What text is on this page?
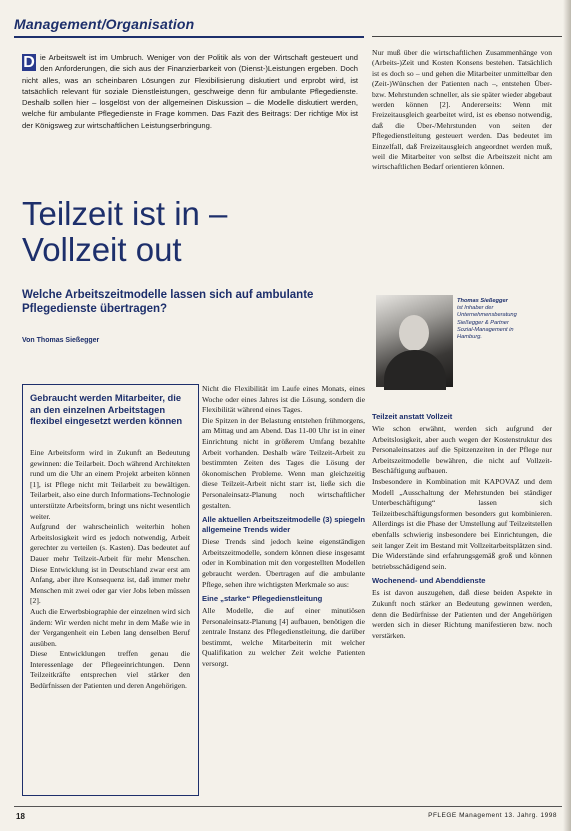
Management/Organisation
D ie Arbeitswelt ist im Umbruch. Weniger von der Politik als von der Wirtschaft gesteuert und den Anforderungen, die sich aus der Finanzierbarkeit von (Dienst-)Leistungen ergeben. Doch nicht alles, was an scheinbaren Lösungen zur Flexibilisierung diskutiert und erprobt wird, ist tatsächlich relevant für soziale Dienstleistungen, geschweige denn für ambulante Pflegedienste. Deshalb sollen hier – losgelöst von der allgemeinen Diskussion – die Modelle diskutiert werden, welche für ambulante Pflegedienste in Frage kommen. Das Fazit des Beitrags: Der richtige Mix ist der Königsweg zur wirtschaftlichen Leistungserbringung.
Teilzeit ist in –
Vollzeit out
Welche Arbeitszeitmodelle lassen sich auf ambulante Pflegedienste übertragen?
Von Thomas Sießegger

Nur muß über die wirtschaftlichen Zusammenhänge von (Arbeits-)Zeit und Kosten Konsens bestehen. Tatsächlich ist es doch so – und gehen die Mitarbeiter unmittelbar den (Zeit-)Wünschen der Patienten nach –, entstehen Über- bzw. Mehrstunden schneller, als sie später wieder abgebaut werden können [2]. Andererseits: Wenn mit Freizeitausgleich gearbeitet wird, ist es ebenso notwendig, daß die Über-/Mehrstunden von seiten der Pflegedienstleitung gesteuert werden. Das bedeutet im Einzelfall, daß Freizeitausgleich angeordnet werden muß, weil die Mitarbeiter von selbst die Arbeitszeit nicht am wirtschaftlichen Bedarf orientieren können.

Thomas Sießegger
ist Inhaber der Unternehmensberatung Sießegger & Partner Sozial-Management in Hamburg.
Gebraucht werden Mitarbeiter, die an den einzelnen Arbeitstagen flexibel eingesetzt werden können

Eine Arbeitsform wird in Zukunft an Bedeutung gewinnen: die Teilarbeit. Doch während Architekten rund um die Uhr an einem Projekt arbeiten können [1], ist Pflege nicht mit Teilarbeit zu bewältigen. Teilarbeit, also eine durch Informations-Technologie unterstützte Arbeitsform, bringt uns nicht wesentlich weiter.

Aufgrund der wahrscheinlich weiterhin hohen Arbeitslosigkeit wird es jedoch notwendig, Arbeit gerechter zu verteilen (s. Kasten). Das bedeutet auf Dauer mehr Teilzeit-Arbeit für mehr Menschen. Diese Entwicklung ist in Deutschland zwar erst am Anfang, aber ihre Konsequenz ist, daß immer mehr Menschen mit zwei oder gar vier Jobs leben müssen [2].

Auch die Erwerbsbiographie der einzelnen wird sich ändern: Wir werden nicht mehr in dem Maße wie in der Vergangenheit ein Leben lang denselben Beruf ausüben.

Diese Entwicklungen treffen genau die Interessenlage der Pflegeeinrichtungen. Denn Teilzeitkräfte entsprechen viel stärker den Bedürfnissen der Patienten und deren Angehörigen.

Nicht die Flexibilität im Laufe eines Monats, eines Woche oder eines Jahres ist die Lösung, sondern die Flexibilität während eines Tages.

Die Spitzen in der Belastung entstehen frühmorgens, am Mittag und am Abend. Das 11-00 Uhr ist in einer Einrichtung nicht in größerem Umfang bezahlte Arbeit vorhanden. Deshalb wäre Teilzeit-Arbeit zu bestimmten Zeiten des Tages die Lösung der ökonomischen Probleme. Wenn man gleichzeitig diese Teilzeit-Arbeit nicht starr ist, ließe sich die Personaleinsatz-Planung noch wirtschaftlicher gestalten.

Alle aktuellen Arbeitszeitmodelle (3) spiegeln allgemeine Trends wider

Diese Trends sind jedoch keine eigenständigen Arbeitszeitmodelle, sondern können diese insgesamt oder in Kombination mit den vorgestellten Modellen gebraucht werden. Übertragen auf die ambulante Pflege, sehen ihre wichtigsten Merkmale so aus:

Eine „starke“ Pflegedienstleitung

Alle Modelle, die auf einer minutiösen Personaleinsatz-Planung [4] aufbauen, benötigen die zentrale Instanz des Pflegedienstleitung, die darüber bestimmt, welche Mitarbeiterin mit welcher Qualifikation zu welcher Zeit welche Patienten versorgt.

Teilzeit anstatt Vollzeit

Wie schon erwähnt, werden sich aufgrund der Arbeitslosigkeit, aber auch wegen der Kostenstruktur des Personaleinsatzes auf die Spitzenzeiten in der Pflege nur Arbeitszeitmodelle bewähren, die nicht auf Vollzeit-Beschäftigung aufbauen.

Insbesondere in Kombination mit KAPOVAZ und dem Modell „Ausschaltung der Mehrstunden bei ständiger Unterbeschäftigung“ lassen sich Teilzeitbeschäftigungsformen besonders gut kombinieren. Allerdings ist die Phase der Umstellung auf Teilzeitstellen ebenfalls schwierig insbesondere bei Einrichtungen, die seit langer Zeit im Bestand mit Vollzeitarbeitsplätzen sind. Die Widerstände sind erfahrungsgemäß groß und können betriebsschädigend sein.

Wochenend- und Abenddienste

Es ist davon auszugehen, daß diese beiden Aspekte in Zukunft noch stärker an Bedeutung gewinnen werden, denn die Bedürfnisse der Patienten und der Angehörigen werden sich in dieser Richtung manifestieren bzw. noch verstärken.

18	PFLEGE Management 13. Jahrg. 1998
